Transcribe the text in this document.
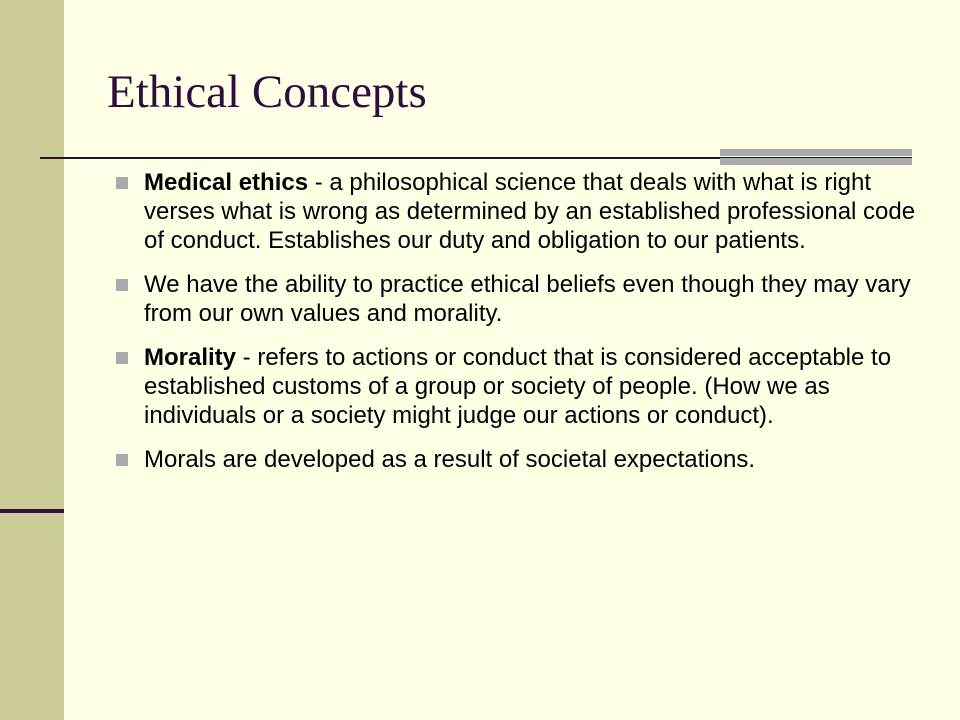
Ethical Concepts
Medical ethics - a philosophical science that deals with what is right verses what is wrong as determined by an established professional code of conduct. Establishes our duty and obligation to our patients.
We have the ability to practice ethical beliefs even though they may vary from our own values and morality.
Morality - refers to actions or conduct that is considered acceptable to established customs of a group or society of people. (How we as individuals or a society might judge our actions or conduct).
Morals are developed as a result of societal expectations.
